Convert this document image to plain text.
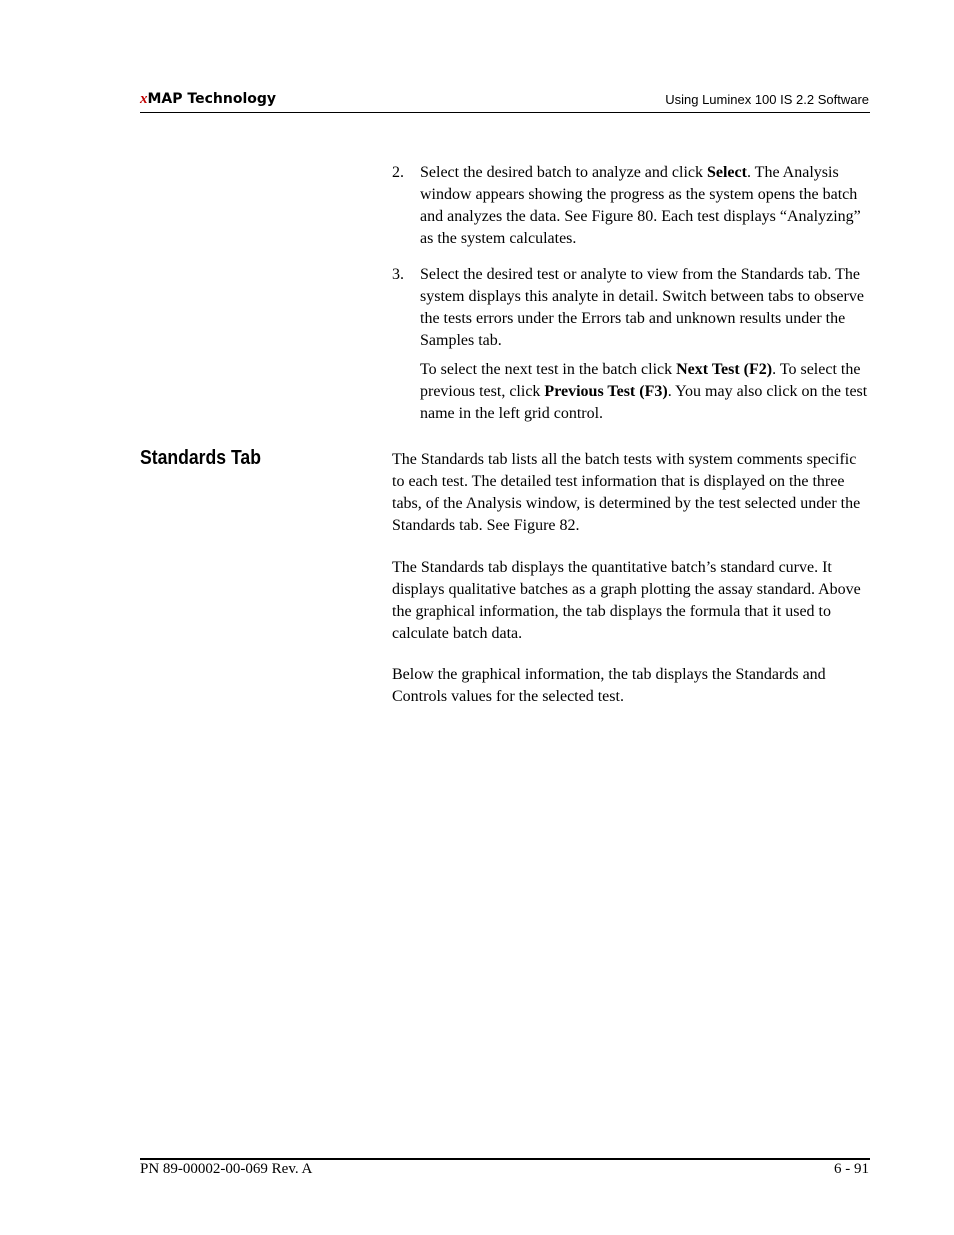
xMAP Technology	Using Luminex 100 IS 2.2 Software
2. Select the desired batch to analyze and click Select. The Analysis window appears showing the progress as the system opens the batch and analyzes the data. See Figure 80. Each test displays “Analyzing” as the system calculates.
3. Select the desired test or analyte to view from the Standards tab. The system displays this analyte in detail. Switch between tabs to observe the tests errors under the Errors tab and unknown results under the Samples tab.
To select the next test in the batch click Next Test (F2). To select the previous test, click Previous Test (F3). You may also click on the test name in the left grid control.
Standards Tab	The Standards tab lists all the batch tests with system comments specific to each test. The detailed test information that is displayed on the three tabs, of the Analysis window, is determined by the test selected under the Standards tab. See Figure 82.

The Standards tab displays the quantitative batch’s standard curve. It displays qualitative batches as a graph plotting the assay standard. Above the graphical information, the tab displays the formula that it used to calculate batch data.

Below the graphical information, the tab displays the Standards and Controls values for the selected test.

PN 89-00002-00-069 Rev. A	6 - 91
